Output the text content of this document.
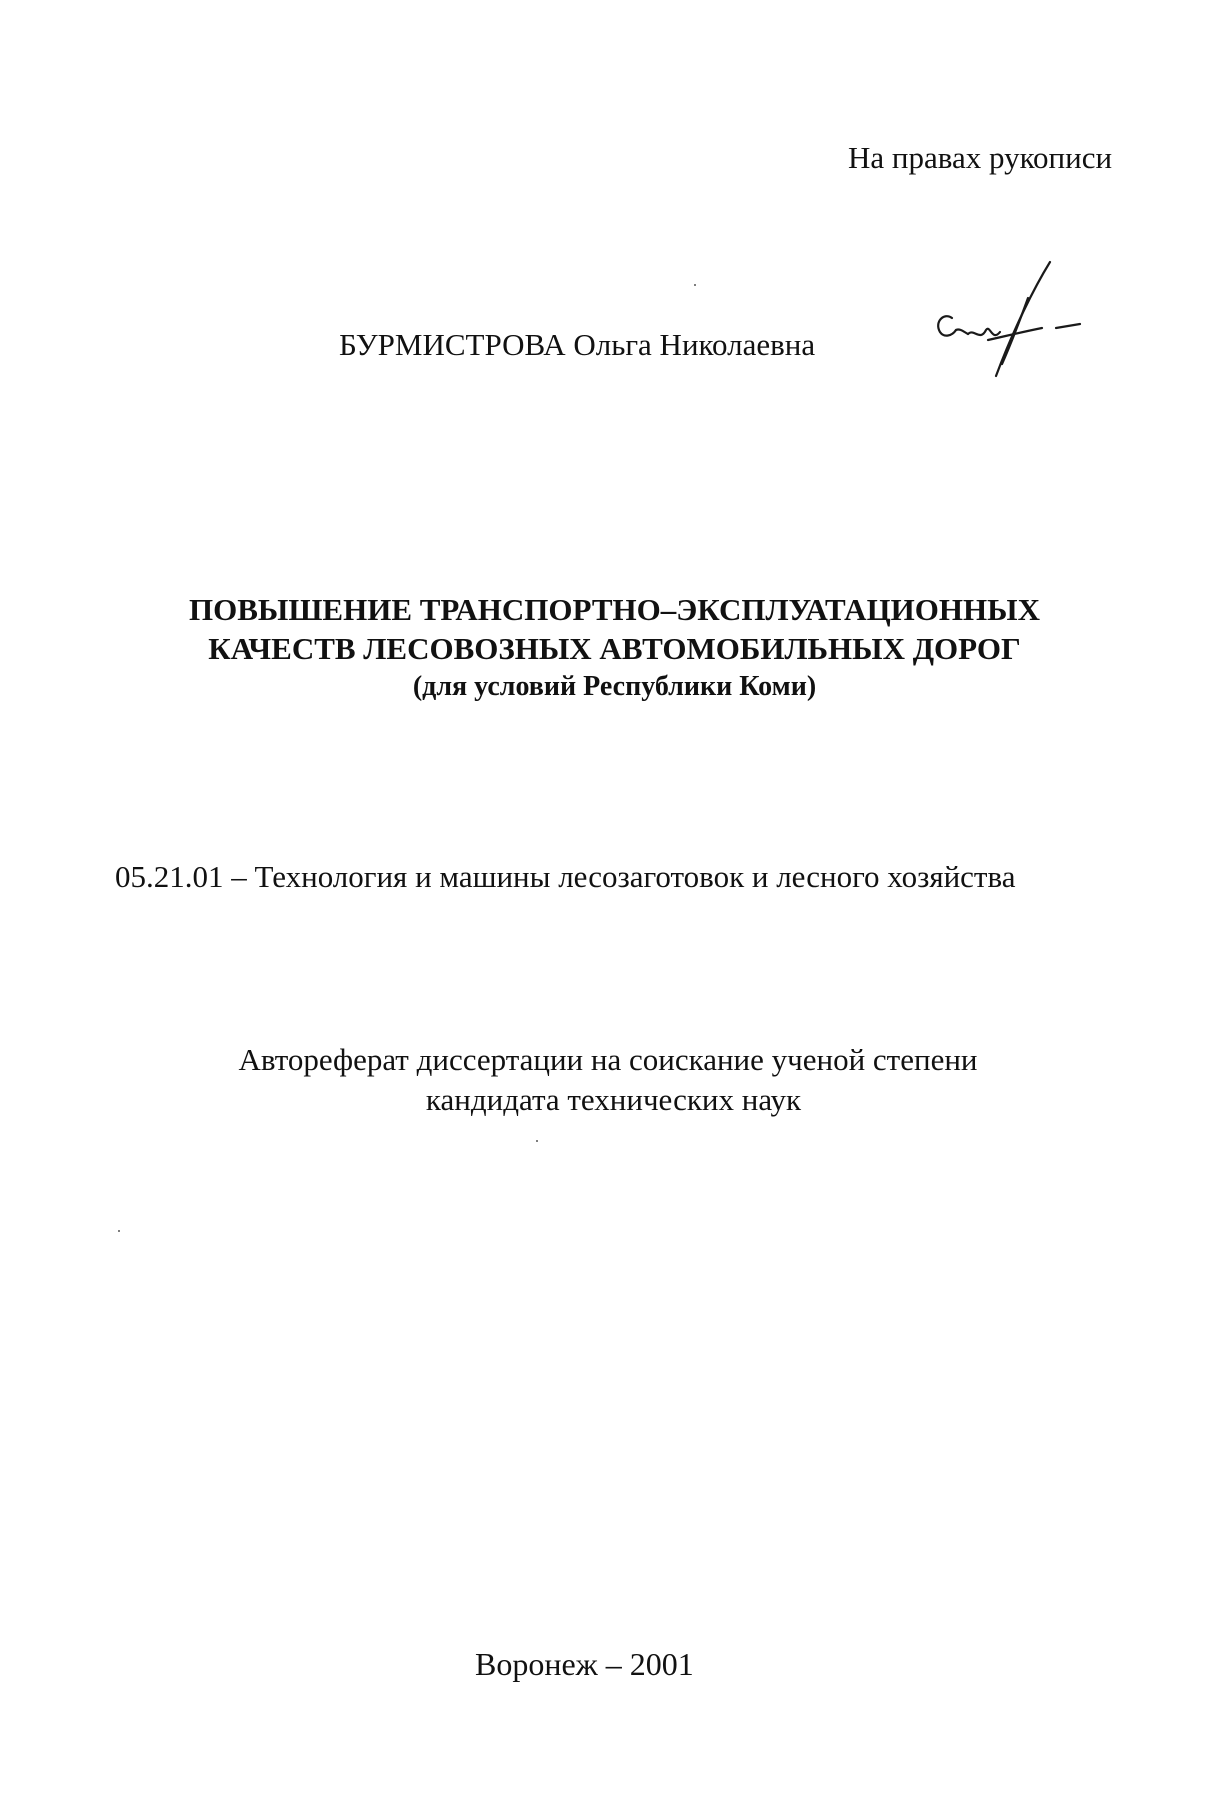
На правах рукописи
БУРМИСТРОВА Ольга Николаевна
ПОВЫШЕНИЕ ТРАНСПОРТНО–ЭКСПЛУАТАЦИОННЫХ
КАЧЕСТВ ЛЕСОВОЗНЫХ АВТОМОБИЛЬНЫХ ДОРОГ
(для условий Республики Коми)
05.21.01 – Технология и машины лесозаготовок и лесного хозяйства
Автореферат диссертации на соискание ученой степени
кандидата технических наук
Воронеж – 2001
